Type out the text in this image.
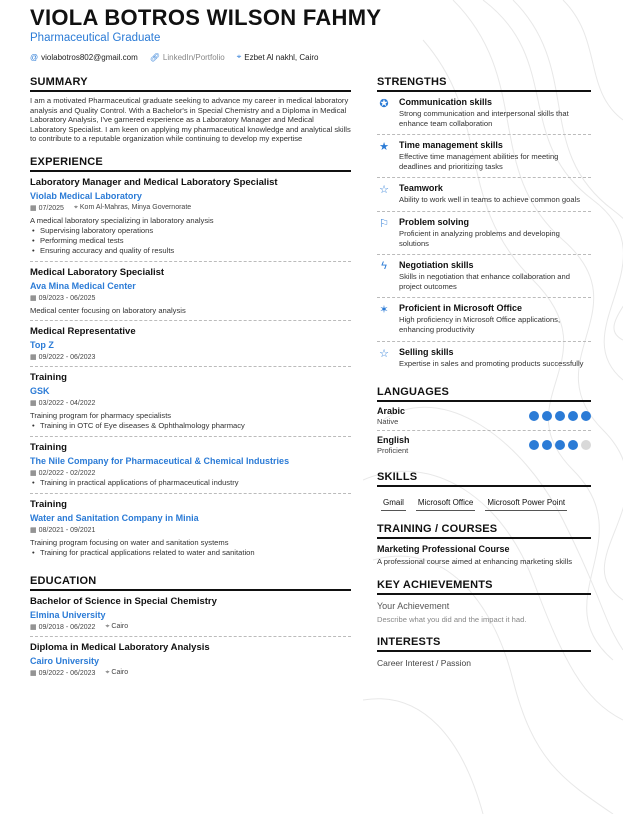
VIOLA BOTROS WILSON FAHMY
Pharmaceutical Graduate
@ violabotros802@gmail.com 🔗︎ LinkedIn/Portfolio ⌖ Ezbet Al nakhl, Cairo
SUMMARY
I am a motivated Pharmaceutical graduate seeking to advance my career in medical laboratory analysis and Quality Control. With a Bachelor's in Special Chemistry and a Diploma in Medical Laboratory Analysis, I've garnered experience as a Laboratory Manager and Medical Laboratory Specialist. I am keen on applying my pharmaceutical knowledge and analytical skills to contribute to a reputable organization while continuing to develop my expertise
EXPERIENCE
Laboratory Manager and Medical Laboratory Specialist
Violab Medical Laboratory
▦ 07/2025 ⌖ Kom Al-Mahras, Minya Governorate
A medical laboratory specializing in laboratory analysis
• Supervising laboratory operations
• Performing medical tests
• Ensuring accuracy and quality of results
Medical Laboratory Specialist
Ava Mina Medical Center
▦ 09/2023 - 06/2025
Medical center focusing on laboratory analysis
Medical Representative
Top Z
▦ 09/2022 - 06/2023
Training
GSK
▦ 03/2022 - 04/2022
Training program for pharmacy specialists
• Training in OTC of Eye diseases & Ophthalmology pharmacy
Training
The Nile Company for Pharmaceutical & Chemical Industries
▦ 02/2022 - 02/2022
• Training in practical applications of pharmaceutical industry
Training
Water and Sanitation Company in Minia
▦ 08/2021 - 09/2021
Training program focusing on water and sanitation systems
• Training for practical applications related to water and sanitation
EDUCATION
Bachelor of Science in Special Chemistry
Elmina University
▦ 09/2018 - 06/2022 ⌖ Cairo
Diploma in Medical Laboratory Analysis
Cairo University
▦ 09/2022 - 06/2023 ⌖ Cairo
STRENGTHS
✪ Communication skills
Strong communication and interpersonal skills that enhance team collaboration
★ Time management skills
Effective time management abilities for meeting deadlines and prioritizing tasks
☆ Teamwork
Ability to work well in teams to achieve common goals
⚐ Problem solving
Proficient in analyzing problems and developing solutions
ϟ	Negotiation skills
Skills in negotiation that enhance collaboration and project outcomes
✶ Proficient in Microsoft Office
High proficiency in Microsoft Office applications, enhancing productivity
☆ Selling skills
Expertise in sales and promoting products successfully
LANGUAGES
Arabic
Native
English
Proficient
SKILLS
Gmail Microsoft Office Microsoft Power Point
TRAINING / COURSES
Marketing Professional Course
A professional course aimed at enhancing marketing skills
KEY ACHIEVEMENTS
Your Achievement
Describe what you did and the impact it had.
INTERESTS
Career Interest / Passion
